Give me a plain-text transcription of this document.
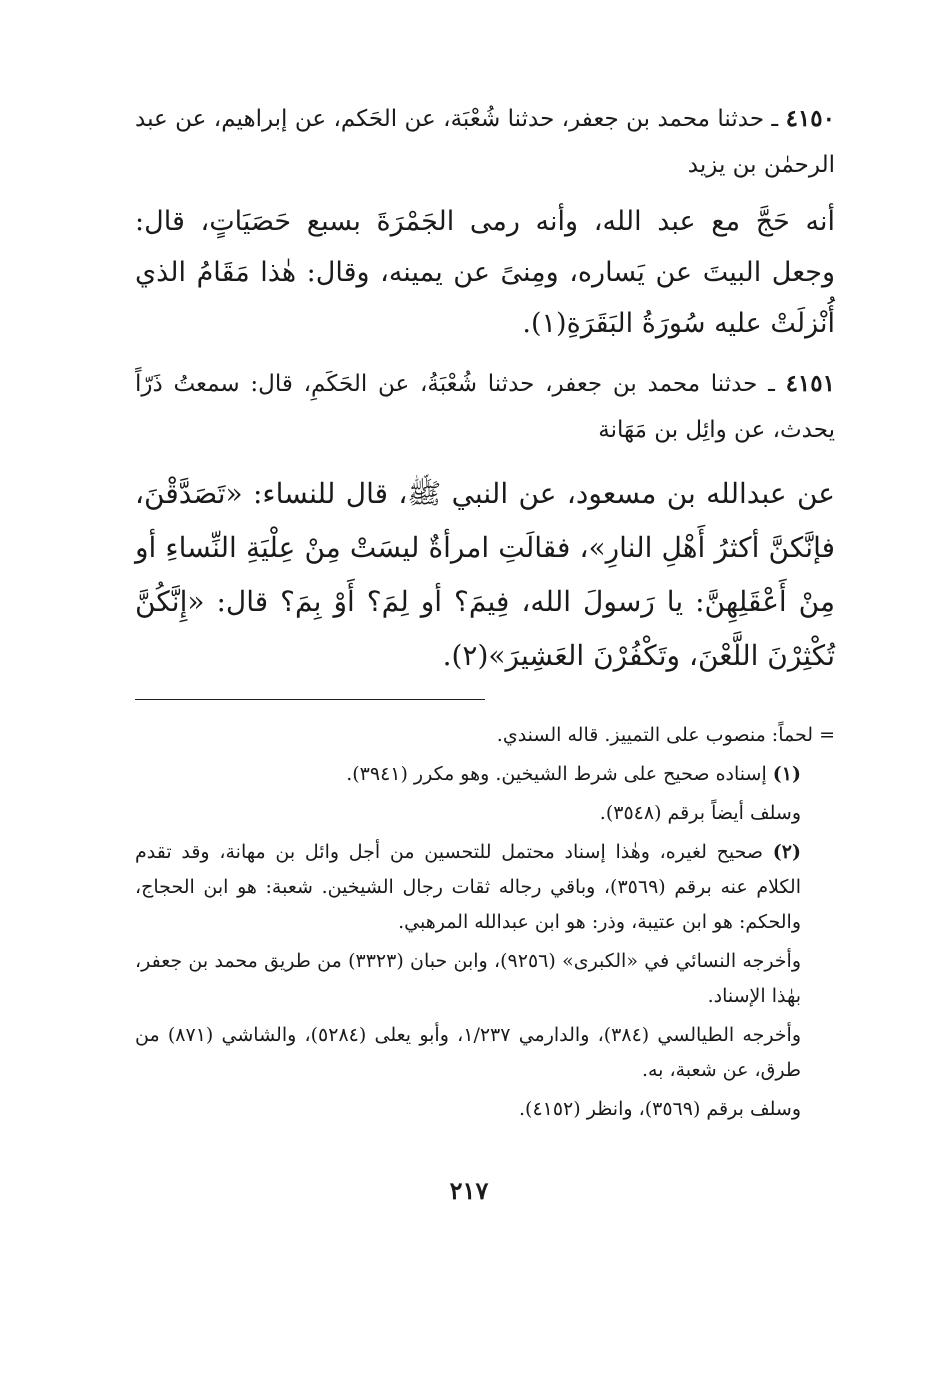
٤١٥٠ ـ حدثنا محمد بن جعفر، حدثنا شُعْبَة، عن الحَكم، عن إبراهيم، عن عبد الرحمٰن بن يزيد

أنه حَجَّ مع عبد الله، وأنه رمى الجَمْرَةَ بسبع حَصَيَاتٍ، قال: وجعل البيتَ عن يَساره، ومِنىً عن يمينه، وقال: هٰذا مَقَامُ الذي أُنْزلَتْ عليه سُورَةُ البَقَرَةِ(١).

٤١٥١ ـ حدثنا محمد بن جعفر، حدثنا شُعْبَةُ، عن الحَكَمِ، قال: سمعتُ ذَرّاً يحدث، عن وائِل بن مَهَانة

عن عبدالله بن مسعود، عن النبي ﷺ، قال للنساء: «تَصَدَّقْنَ، فإنَّكنَّ أكثرُ أَهْلِ النارِ»، فقالَتِ امرأةٌ ليسَتْ مِنْ عِلْيَةِ النِّساءِ أو مِنْ أَعْقَلِهِنَّ: يا رَسولَ الله، فِيمَ؟ أو لِمَ؟ أَوْ بِمَ؟ قال: «إِنَّكُنَّ تُكْثِرْنَ اللَّعْنَ، وتَكْفُرْنَ العَشِيرَ»(٢).

= لحماً: منصوب على التمييز. قاله السندي.

(١) إسناده صحيح على شرط الشيخين. وهو مكرر (٣٩٤١).

وسلف أيضاً برقم (٣٥٤٨).

(٢) صحيح لغيره، وهٰذا إسناد محتمل للتحسين من أجل وائل بن مهانة، وقد تقدم الكلام عنه برقم (٣٥٦٩)، وباقي رجاله ثقات رجال الشيخين. شعبة: هو ابن الحجاج، والحكم: هو ابن عتيبة، وذر: هو ابن عبدالله المرهبي.

وأخرجه النسائي في «الكبرى» (٩٢٥٦)، وابن حبان (٣٣٢٣) من طريق محمد بن جعفر، بهٰذا الإسناد.

وأخرجه الطيالسي (٣٨٤)، والدارمي ١/٢٣٧، وأبو يعلى (٥٢٨٤)، والشاشي (٨٧١) من طرق، عن شعبة، به.

وسلف برقم (٣٥٦٩)، وانظر (٤١٥٢).

٢١٧
